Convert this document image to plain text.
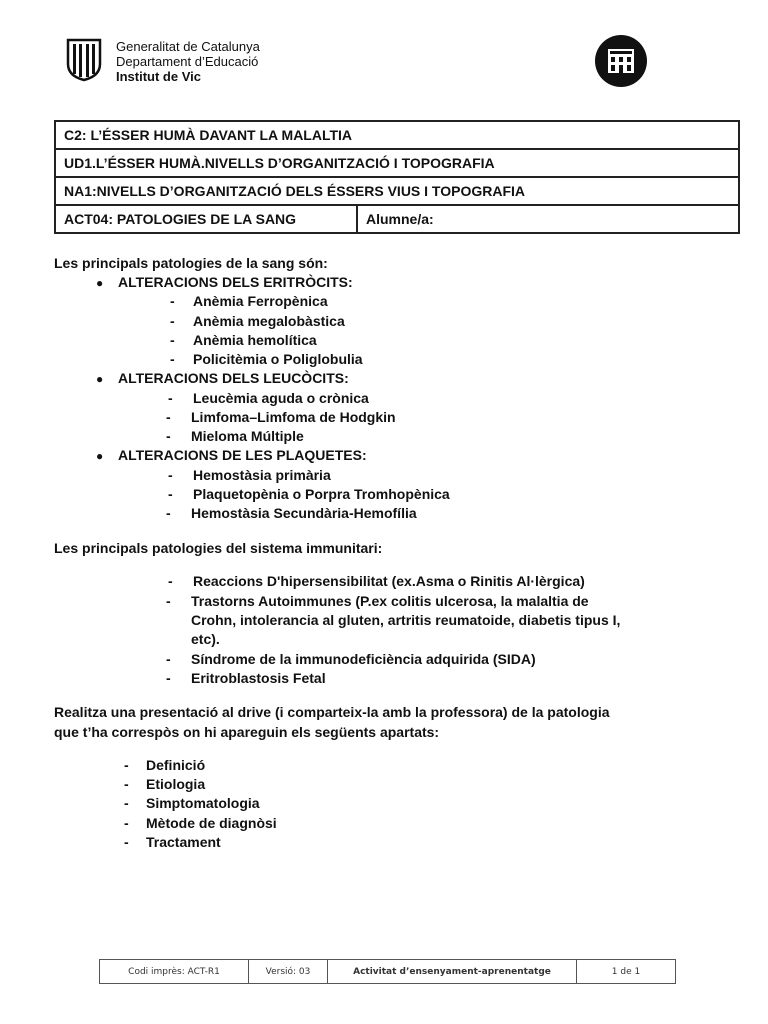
Generalitat de Catalunya
Departament d’Educació
Institut de Vic
C2: L’ÉSSER HUMÀ DAVANT LA MALALTIA
UD1.L’ÉSSER HUMÀ.NIVELLS D’ORGANITZACIÓ I TOPOGRAFIA
NA1:NIVELLS D’ORGANITZACIÓ DELS ÉSSERS VIUS I TOPOGRAFIA
ACT04: PATOLOGIES DE LA SANG	Alumne/a:
Les principals patologies de la sang són:
● ALTERACIONS DELS ERITRÒCITS:
- Anèmia Ferropènica
- Anèmia megalobàstica
- Anèmia hemolítica
- Policitèmia o Poliglobulia
● ALTERACIONS DELS LEUCÒCITS:
- Leucèmia aguda o crònica
- Limfoma–Limfoma de Hodgkin
- Mieloma Múltiple
● ALTERACIONS DE LES PLAQUETES:
- Hemostàsia primària
- Plaquetopènia o Porpra Tromhopènica
- Hemostàsia Secundària-Hemofília
Les principals patologies del sistema immunitari:
- Reaccions D'hipersensibilitat (ex.Asma o Rinitis Al·lèrgica)
- Trastorns Autoimmunes (P.ex colitis ulcerosa, la malaltia de
Crohn, intolerancia al gluten, artritis reumatoide, diabetis tipus I,
etc).
- Síndrome de la immunodeficiència adquirida (SIDA)
- Eritroblastosis Fetal
Realitza una presentació al drive (i comparteix-la amb la professora) de la patologia
que t’ha correspòs on hi apareguin els següents apartats:
- Definició
- Etiologia
- Simptomatologia
- Mètode de diagnòsi
- Tractament
Codi imprès: ACT-R1	Versió: 03	Activitat d’ensenyament-aprenentatge	1 de 1
